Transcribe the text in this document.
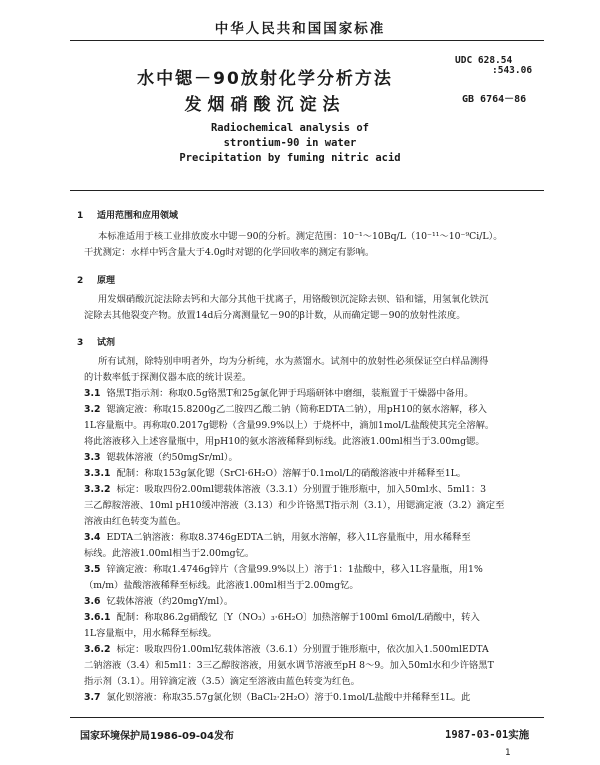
中华人民共和国国家标准
水中锶－90放射化学分析方法
发烟硝酸沉淀法
UDC 628.54
:543.06
GB 6764－86
Radiochemical analysis of
strontium-90 in water
Precipitation by fuming nitric acid
1 适用范围和应用领域
本标准适用于核工业排放废水中锶－90的分析。测定范围：10⁻¹～10Bq/L（10⁻¹¹～10⁻⁹Ci/L）。
干扰测定：水样中钙含量大于4.0g时对锶的化学回收率的测定有影响。
2 原理
用发烟硝酸沉淀法除去钙和大部分其他干扰离子，用铬酸钡沉淀除去钡、铅和镭，用氢氧化铁沉
淀除去其他裂变产物。放置14d后分离测量钇－90的β计数，从而确定锶－90的放射性浓度。
3 试剂
所有试剂，除特别申明者外，均为分析纯，水为蒸馏水。试剂中的放射性必须保证空白样品测得
的计数率低于探测仪器本底的统计误差。
3.1 铬黑T指示剂：称取0.5g铬黑T和25g氯化钾于玛瑙研钵中磨细，装瓶置于干燥器中备用。
3.2 锶滴定液：称取15.8200g乙二胺四乙酸二钠（简称EDTA二钠），用pH10的氨水溶解，移入
1L容量瓶中。再称取0.2017g锶粉（含量99.9%以上）于烧杯中，滴加1mol/L盐酸使其完全溶解。
将此溶液移入上述容量瓶中，用pH10的氨水溶液稀释到标线。此溶液1.00ml相当于3.00mg锶。
3.3 锶载体溶液（约50mgSr/ml）。
3.3.1 配制：称取153g氯化锶（SrCl·6H₂O）溶解于0.1mol/L的硝酸溶液中并稀释至1L。
3.3.2 标定：吸取四份2.00ml锶载体溶液（3.3.1）分别置于锥形瓶中，加入50ml水、5ml1：3
三乙醇胺溶液、10ml pH10缓冲溶液（3.13）和少许铬黑T指示剂（3.1），用锶滴定液（3.2）滴定至
溶液由红色转变为蓝色。
3.4 EDTA二钠溶液：称取8.3746gEDTA二钠，用氨水溶解，移入1L容量瓶中，用水稀释至
标线。此溶液1.00ml相当于2.00mg钇。
3.5 锌滴定液：称取1.4746g锌片（含量99.9%以上）溶于1：1盐酸中，移入1L容量瓶，用1%
（m/m）盐酸溶液稀释至标线。此溶液1.00ml相当于2.00mg钇。
3.6 钇载体溶液（约20mgY/ml）。
3.6.1 配制：称取86.2g硝酸钇〔Y（NO₃）₃·6H₂O〕加热溶解于100ml 6mol/L硝酸中，转入
1L容量瓶中，用水稀释至标线。
3.6.2 标定：吸取四份1.00ml钇载体溶液（3.6.1）分别置于锥形瓶中，依次加入1.500mlEDTA
二钠溶液（3.4）和5ml1：3三乙醇胺溶液，用氨水调节溶液至pH 8～9。加入50ml水和少许铬黑T
指示剂（3.1）。用锌滴定液（3.5）滴定至溶液由蓝色转变为红色。
3.7 氯化钡溶液：称取35.57g氯化钡（BaCl₂·2H₂O）溶于0.1mol/L盐酸中并稀释至1L。此
国家环境保护局1986-09-04发布	1987-03-01实施
1
